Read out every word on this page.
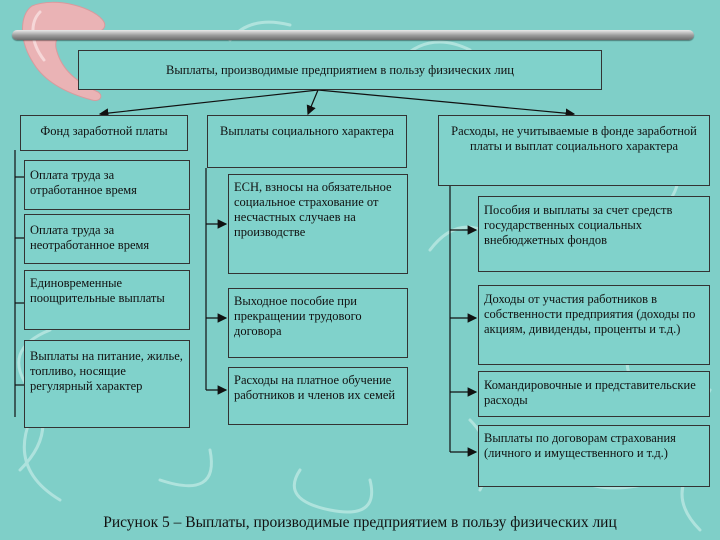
Выплаты, производимые предприятием в пользу физических лиц
Фонд заработной платы	Выплаты социального характера	Расходы, не учитываемые в фонде заработной платы и выплат социального характера
Оплата труда за отработанное время
Оплата труда за неотработанное время
Единовременные поощрительные выплаты
Выплаты на питание, жилье, топливо, носящие регулярный характер
ЕСН, взносы на обязательное социальное страхование от несчастных случаев на производстве
Выходное пособие при прекращении трудового договора
Расходы на платное обучение работников и членов их семей
Пособия и выплаты за счет средств государственных социальных внебюджетных фондов
Доходы от участия работников в собственности предприятия (доходы по акциям, дивиденды, проценты и т.д.)
Командировочные и представительские расходы
Выплаты по договорам страхования (личного и имущественного и т.д.)
Рисунок 5 – Выплаты, производимые предприятием в пользу физических лиц
